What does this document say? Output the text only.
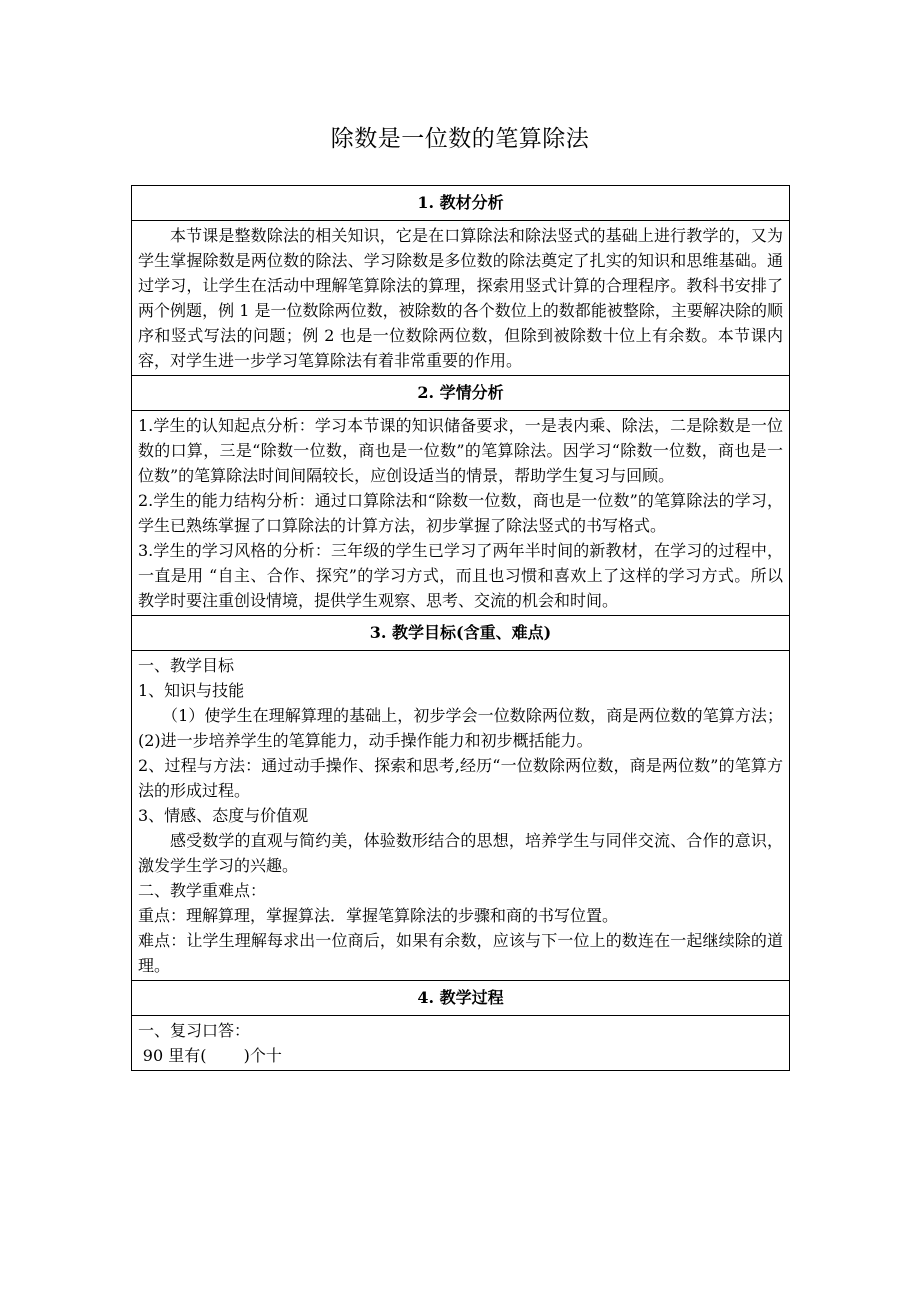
除数是一位数的笔算除法
1. 教材分析

本节课是整数除法的相关知识，它是在口算除法和除法竖式的基础上进行教学的，又为学生掌握除数是两位数的除法、学习除数是多位数的除法奠定了扎实的知识和思维基础。通过学习，让学生在活动中理解笔算除法的算理，探索用竖式计算的合理程序。教科书安排了两个例题，例 1 是一位数除两位数，被除数的各个数位上的数都能被整除，主要解决除的顺序和竖式写法的问题；例 2 也是一位数除两位数，但除到被除数十位上有余数。本节课内容，对学生进一步学习笔算除法有着非常重要的作用。

2. 学情分析

1.学生的认知起点分析：学习本节课的知识储备要求，一是表内乘、除法，二是除数是一位数的口算，三是“除数一位数，商也是一位数”的笔算除法。因学习“除数一位数，商也是一位数”的笔算除法时间间隔较长，应创设适当的情景，帮助学生复习与回顾。

2.学生的能力结构分析：通过口算除法和“除数一位数，商也是一位数”的笔算除法的学习，学生已熟练掌握了口算除法的计算方法，初步掌握了除法竖式的书写格式。

3.学生的学习风格的分析：三年级的学生已学习了两年半时间的新教材，在学习的过程中，一直是用 “自主、合作、探究”的学习方式，而且也习惯和喜欢上了这样的学习方式。所以教学时要注重创设情境，提供学生观察、思考、交流的机会和时间。

3. 教学目标(含重、难点)

一、教学目标

1、知识与技能

（1）使学生在理解算理的基础上，初步学会一位数除两位数，商是两位数的笔算方法；(2)进一步培养学生的笔算能力，动手操作能力和初步概括能力。

2、过程与方法：通过动手操作、探索和思考,经历“一位数除两位数，商是两位数”的笔算方法的形成过程。

3、情感、态度与价值观

感受数学的直观与简约美，体验数形结合的思想，培养学生与同伴交流、合作的意识，激发学生学习的兴趣。

二、教学重难点：

重点：理解算理，掌握算法．掌握笔算除法的步骤和商的书写位置。

难点：让学生理解每求出一位商后，如果有余数，应该与下一位上的数连在一起继续除的道理。

4. 教学过程

一、复习口答：

90 里有(　　 )个十
